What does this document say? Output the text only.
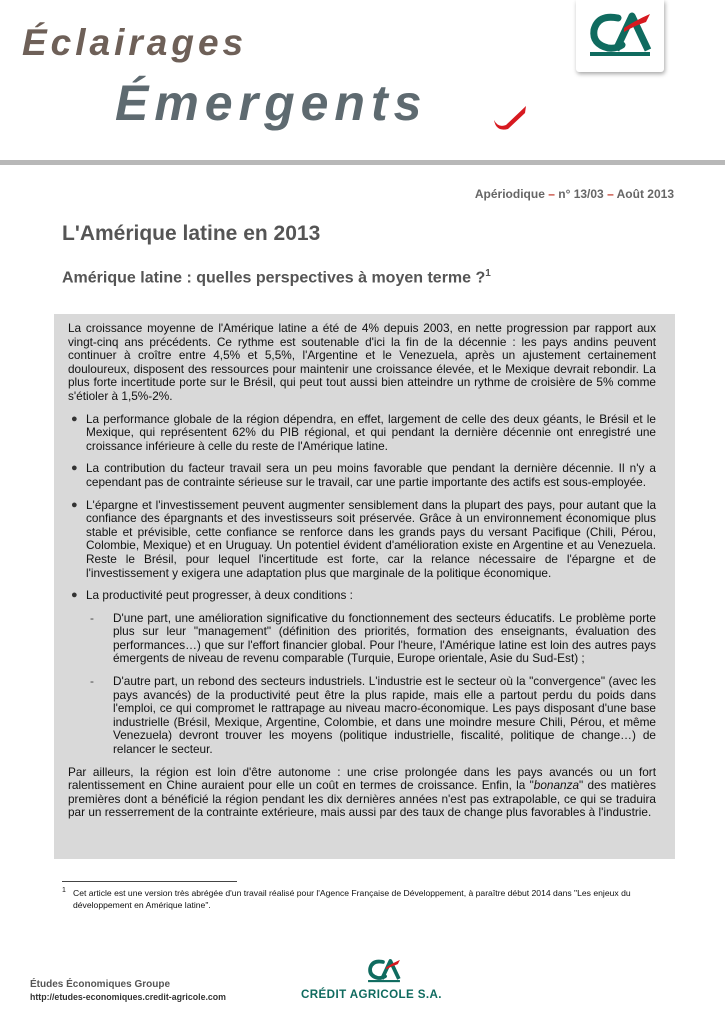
Éclairages
Émergents
Apériodique – n° 13/03 – Août 2013
L'Amérique latine en 2013
Amérique latine : quelles perspectives à moyen terme ?$^1$

La croissance moyenne de l'Amérique latine a été de 4% depuis 2003, en nette progression par rapport aux vingt-cinq ans précédents. Ce rythme est soutenable d'ici la fin de la décennie : les pays andins peuvent continuer à croître entre 4,5% et 5,5%, l'Argentine et le Venezuela, après un ajustement certainement douloureux, disposent des ressources pour maintenir une croissance élevée, et le Mexique devrait rebondir. La plus forte incertitude porte sur le Brésil, qui peut tout aussi bien atteindre un rythme de croisière de 5% comme s'étioler à 1,5%-2%.

● La performance globale de la région dépendra, en effet, largement de celle des deux géants, le Brésil et le Mexique, qui représentent 62% du PIB régional, et qui pendant la dernière décennie ont enregistré une croissance inférieure à celle du reste de l'Amérique latine.
● La contribution du facteur travail sera un peu moins favorable que pendant la dernière décennie. Il n'y a cependant pas de contrainte sérieuse sur le travail, car une partie importante des actifs est sous-employée.
● L'épargne et l'investissement peuvent augmenter sensiblement dans la plupart des pays, pour autant que la confiance des épargnants et des investisseurs soit préservée. Grâce à un environnement économique plus stable et prévisible, cette confiance se renforce dans les grands pays du versant Pacifique (Chili, Pérou, Colombie, Mexique) et en Uruguay. Un potentiel évident d'amélioration existe en Argentine et au Venezuela. Reste le Brésil, pour lequel l'incertitude est forte, car la relance nécessaire de l'épargne et de l'investissement y exigera une adaptation plus que marginale de la politique économique.
● La productivité peut progresser, à deux conditions :
- D'une part, une amélioration significative du fonctionnement des secteurs éducatifs. Le problème porte plus sur leur "management" (définition des priorités, formation des enseignants, évaluation des performances…) que sur l'effort financier global. Pour l'heure, l'Amérique latine est loin des autres pays émergents de niveau de revenu comparable (Turquie, Europe orientale, Asie du Sud-Est) ;
- D'autre part, un rebond des secteurs industriels. L'industrie est le secteur où la "convergence" (avec les pays avancés) de la productivité peut être la plus rapide, mais elle a partout perdu du poids dans l'emploi, ce qui compromet le rattrapage au niveau macro-économique. Les pays disposant d'une base industrielle (Brésil, Mexique, Argentine, Colombie, et dans une moindre mesure Chili, Pérou, et même Venezuela) devront trouver les moyens (politique industrielle, fiscalité, politique de change…) de relancer le secteur.

Par ailleurs, la région est loin d'être autonome : une crise prolongée dans les pays avancés ou un fort ralentissement en Chine auraient pour elle un coût en termes de croissance. Enfin, la "bonanza" des matières premières dont a bénéficié la région pendant les dix dernières années n'est pas extrapolable, ce qui se traduira par un resserrement de la contrainte extérieure, mais aussi par des taux de change plus favorables à l'industrie.

1 Cet article est une version très abrégée d'un travail réalisé pour l'Agence Française de Développement, à paraître début 2014 dans "Les enjeux du développement en Amérique latine".
Études Économiques Groupe
http://etudes-economiques.credit-agricole.com	CRÉDIT AGRICOLE S.A.
